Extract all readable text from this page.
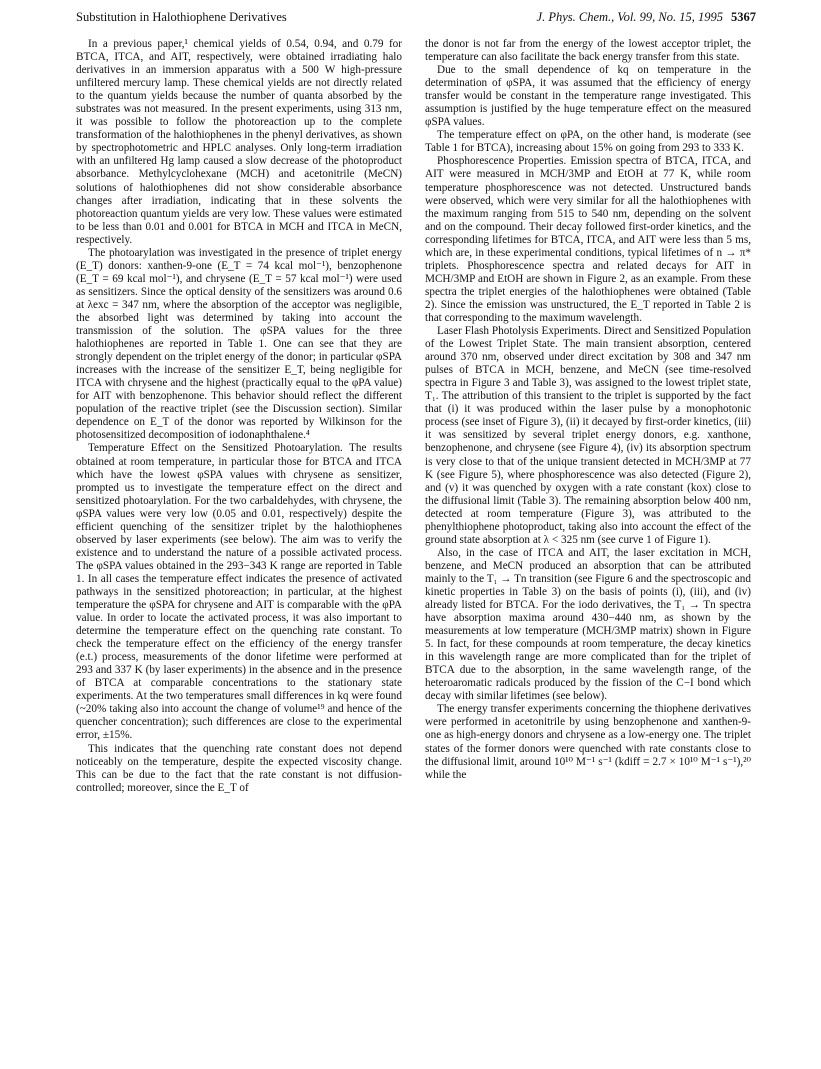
Substitution in Halothiophene Derivatives	J. Phys. Chem., Vol. 99, No. 15, 1995 5367

In a previous paper,¹ chemical yields of 0.54, 0.94, and 0.79 for BTCA, ITCA, and AIT, respectively, were obtained irradiating halo derivatives in an immersion apparatus with a 500 W high-pressure unfiltered mercury lamp. These chemical yields are not directly related to the quantum yields because the number of quanta absorbed by the substrates was not measured. In the present experiments, using 313 nm, it was possible to follow the photoreaction up to the complete transformation of the halothiophenes in the phenyl derivatives, as shown by spectrophotometric and HPLC analyses. Only long-term irradiation with an unfiltered Hg lamp caused a slow decrease of the photoproduct absorbance. Methylcyclohexane (MCH) and acetonitrile (MeCN) solutions of halothiophenes did not show considerable absorbance changes after irradiation, indicating that in these solvents the photoreaction quantum yields are very low. These values were estimated to be less than 0.01 and 0.001 for BTCA in MCH and ITCA in MeCN, respectively.

The photoarylation was investigated in the presence of triplet energy (E_T) donors: xanthen-9-one (E_T = 74 kcal mol⁻¹), benzophenone (E_T = 69 kcal mol⁻¹), and chrysene (E_T = 57 kcal mol⁻¹) were used as sensitizers. Since the optical density of the sensitizers was around 0.6 at λexc = 347 nm, where the absorption of the acceptor was negligible, the absorbed light was determined by taking into account the transmission of the solution. The φSPA values for the three halothiophenes are reported in Table 1. One can see that they are strongly dependent on the triplet energy of the donor; in particular φSPA increases with the increase of the sensitizer E_T, being negligible for ITCA with chrysene and the highest (practically equal to the φPA value) for AIT with benzophenone. This behavior should reflect the different population of the reactive triplet (see the Discussion section). Similar dependence on E_T of the donor was reported by Wilkinson for the photosensitized decomposition of iodonaphthalene.⁴

Temperature Effect on the Sensitized Photoarylation. The results obtained at room temperature, in particular those for BTCA and ITCA which have the lowest φSPA values with chrysene as sensitizer, prompted us to investigate the temperature effect on the direct and sensitized photoarylation. For the two carbaldehydes, with chrysene, the φSPA values were very low (0.05 and 0.01, respectively) despite the efficient quenching of the sensitizer triplet by the halothiophenes observed by laser experiments (see below). The aim was to verify the existence and to understand the nature of a possible activated process. The φSPA values obtained in the 293−343 K range are reported in Table 1. In all cases the temperature effect indicates the presence of activated pathways in the sensitized photoreaction; in particular, at the highest temperature the φSPA for chrysene and AIT is comparable with the φPA value. In order to locate the activated process, it was also important to determine the temperature effect on the quenching rate constant. To check the temperature effect on the efficiency of the energy transfer (e.t.) process, measurements of the donor lifetime were performed at 293 and 337 K (by laser experiments) in the absence and in the presence of BTCA at comparable concentrations to the stationary state experiments. At the two temperatures small differences in kq were found (~20% taking also into account the change of volume¹⁹ and hence of the quencher concentration); such differences are close to the experimental error, ±15%.

This indicates that the quenching rate constant does not depend noticeably on the temperature, despite the expected viscosity change. This can be due to the fact that the rate constant is not diffusion-controlled; moreover, since the E_T of

the donor is not far from the energy of the lowest acceptor triplet, the temperature can also facilitate the back energy transfer from this state.

Due to the small dependence of kq on temperature in the determination of φSPA, it was assumed that the efficiency of energy transfer would be constant in the temperature range investigated. This assumption is justified by the huge temperature effect on the measured φSPA values.

The temperature effect on φPA, on the other hand, is moderate (see Table 1 for BTCA), increasing about 15% on going from 293 to 333 K.

Phosphorescence Properties. Emission spectra of BTCA, ITCA, and AIT were measured in MCH/3MP and EtOH at 77 K, while room temperature phosphorescence was not detected. Unstructured bands were observed, which were very similar for all the halothiophenes with the maximum ranging from 515 to 540 nm, depending on the solvent and on the compound. Their decay followed first-order kinetics, and the corresponding lifetimes for BTCA, ITCA, and AIT were less than 5 ms, which are, in these experimental conditions, typical lifetimes of n → π* triplets. Phosphorescence spectra and related decays for AIT in MCH/3MP and EtOH are shown in Figure 2, as an example. From these spectra the triplet energies of the halothiophenes were obtained (Table 2). Since the emission was unstructured, the E_T reported in Table 2 is that corresponding to the maximum wavelength.

Laser Flash Photolysis Experiments. Direct and Sensitized Population of the Lowest Triplet State. The main transient absorption, centered around 370 nm, observed under direct excitation by 308 and 347 nm pulses of BTCA in MCH, benzene, and MeCN (see time-resolved spectra in Figure 3 and Table 3), was assigned to the lowest triplet state, T₁. The attribution of this transient to the triplet is supported by the fact that (i) it was produced within the laser pulse by a monophotonic process (see inset of Figure 3), (ii) it decayed by first-order kinetics, (iii) it was sensitized by several triplet energy donors, e.g. xanthone, benzophenone, and chrysene (see Figure 4), (iv) its absorption spectrum is very close to that of the unique transient detected in MCH/3MP at 77 K (see Figure 5), where phosphorescence was also detected (Figure 2), and (v) it was quenched by oxygen with a rate constant (kox) close to the diffusional limit (Table 3). The remaining absorption below 400 nm, detected at room temperature (Figure 3), was attributed to the phenylthiophene photoproduct, taking also into account the effect of the ground state absorption at λ < 325 nm (see curve 1 of Figure 1).

Also, in the case of ITCA and AIT, the laser excitation in MCH, benzene, and MeCN produced an absorption that can be attributed mainly to the T₁ → Tn transition (see Figure 6 and the spectroscopic and kinetic properties in Table 3) on the basis of points (i), (iii), and (iv) already listed for BTCA. For the iodo derivatives, the T₁ → Tn spectra have absorption maxima around 430−440 nm, as shown by the measurements at low temperature (MCH/3MP matrix) shown in Figure 5. In fact, for these compounds at room temperature, the decay kinetics in this wavelength range are more complicated than for the triplet of BTCA due to the absorption, in the same wavelength range, of the heteroaromatic radicals produced by the fission of the C−I bond which decay with similar lifetimes (see below).

The energy transfer experiments concerning the thiophene derivatives were performed in acetonitrile by using benzophenone and xanthen-9-one as high-energy donors and chrysene as a low-energy one. The triplet states of the former donors were quenched with rate constants close to the diffusional limit, around 10¹⁰ M⁻¹ s⁻¹ (kdiff = 2.7 × 10¹⁰ M⁻¹ s⁻¹),²⁰ while the
